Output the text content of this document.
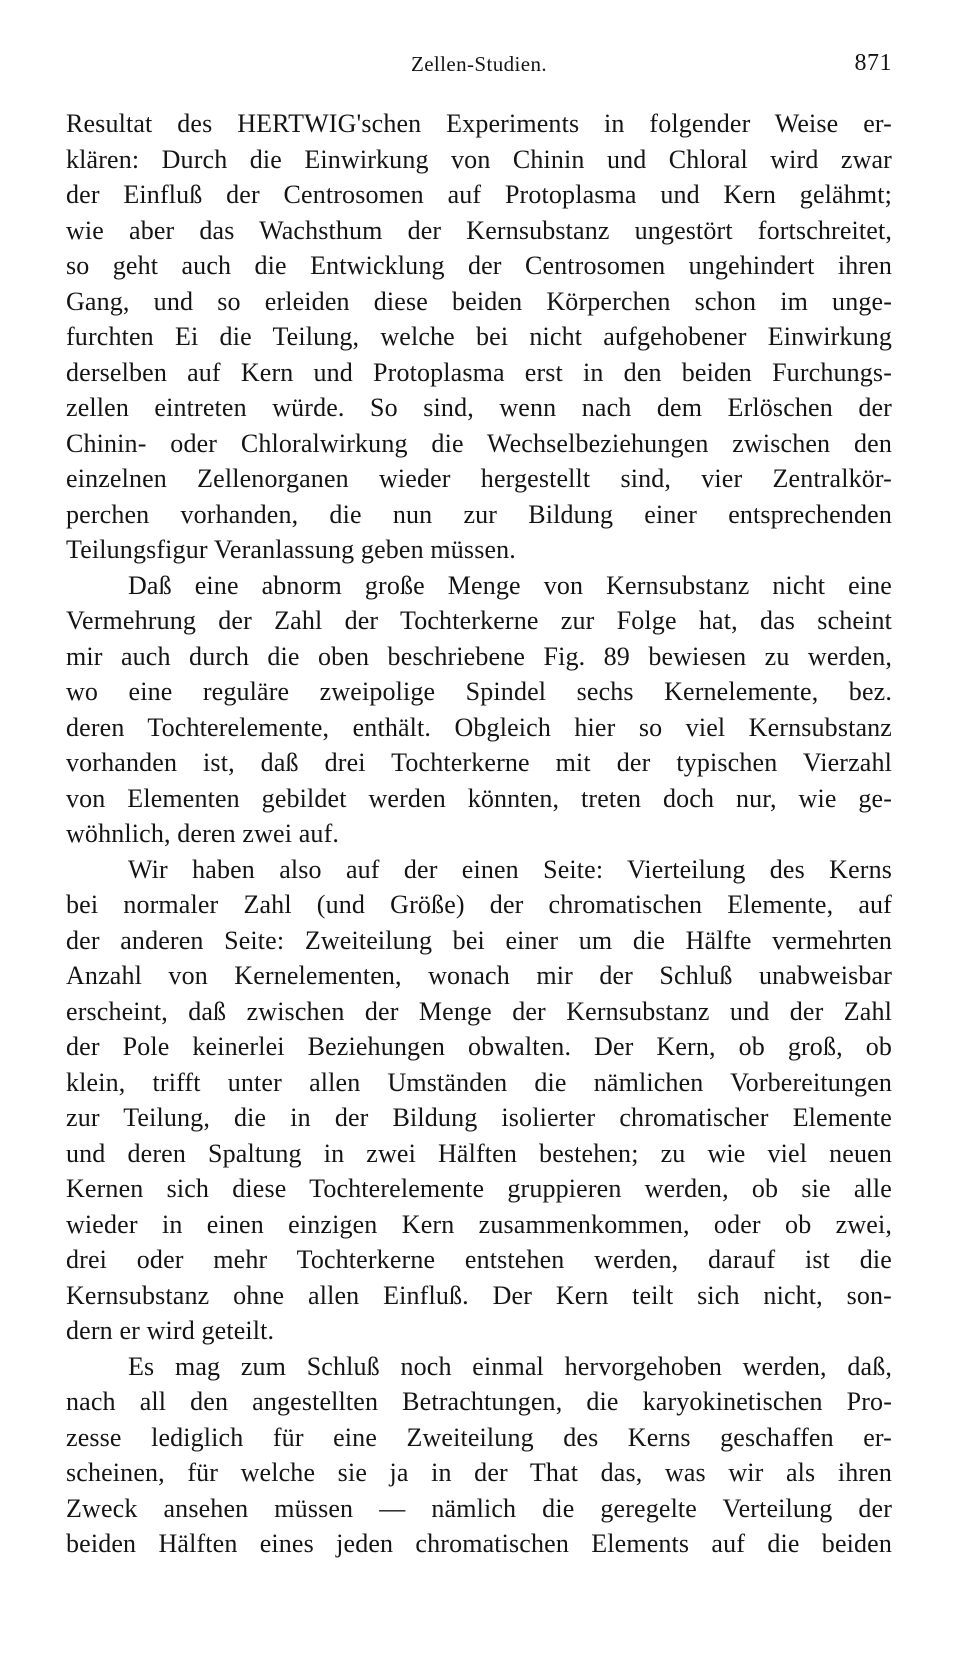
Zellen-Studien.	871
Resultat des HERTWIG'schen Experiments in folgender Weise er-
klären: Durch die Einwirkung von Chinin und Chloral wird zwar
der Einfluß der Centrosomen auf Protoplasma und Kern gelähmt;
wie aber das Wachsthum der Kernsubstanz ungestört fortschreitet,
so geht auch die Entwicklung der Centrosomen ungehindert ihren
Gang, und so erleiden diese beiden Körperchen schon im unge-
furchten Ei die Teilung, welche bei nicht aufgehobener Einwirkung
derselben auf Kern und Protoplasma erst in den beiden Furchungs-
zellen eintreten würde. So sind, wenn nach dem Erlöschen der
Chinin- oder Chloralwirkung die Wechselbeziehungen zwischen den
einzelnen Zellenorganen wieder hergestellt sind, vier Zentralkör-
perchen vorhanden, die nun zur Bildung einer entsprechenden
Teilungsfigur Veranlassung geben müssen.
Daß eine abnorm große Menge von Kernsubstanz nicht eine
Vermehrung der Zahl der Tochterkerne zur Folge hat, das scheint
mir auch durch die oben beschriebene Fig. 89 bewiesen zu werden,
wo eine reguläre zweipolige Spindel sechs Kernelemente, bez.
deren Tochterelemente, enthält. Obgleich hier so viel Kernsubstanz
vorhanden ist, daß drei Tochterkerne mit der typischen Vierzahl
von Elementen gebildet werden könnten, treten doch nur, wie ge-
wöhnlich, deren zwei auf.
Wir haben also auf der einen Seite: Vierteilung des Kerns
bei normaler Zahl (und Größe) der chromatischen Elemente, auf
der anderen Seite: Zweiteilung bei einer um die Hälfte vermehrten
Anzahl von Kernelementen, wonach mir der Schluß unabweisbar
erscheint, daß zwischen der Menge der Kernsubstanz und der Zahl
der Pole keinerlei Beziehungen obwalten. Der Kern, ob groß, ob
klein, trifft unter allen Umständen die nämlichen Vorbereitungen
zur Teilung, die in der Bildung isolierter chromatischer Elemente
und deren Spaltung in zwei Hälften bestehen; zu wie viel neuen
Kernen sich diese Tochterelemente gruppieren werden, ob sie alle
wieder in einen einzigen Kern zusammenkommen, oder ob zwei,
drei oder mehr Tochterkerne entstehen werden, darauf ist die
Kernsubstanz ohne allen Einfluß. Der Kern teilt sich nicht, son-
dern er wird geteilt.
Es mag zum Schluß noch einmal hervorgehoben werden, daß,
nach all den angestellten Betrachtungen, die karyokinetischen Pro-
zesse lediglich für eine Zweiteilung des Kerns geschaffen er-
scheinen, für welche sie ja in der That das, was wir als ihren
Zweck ansehen müssen — nämlich die geregelte Verteilung der
beiden Hälften eines jeden chromatischen Elements auf die beiden
